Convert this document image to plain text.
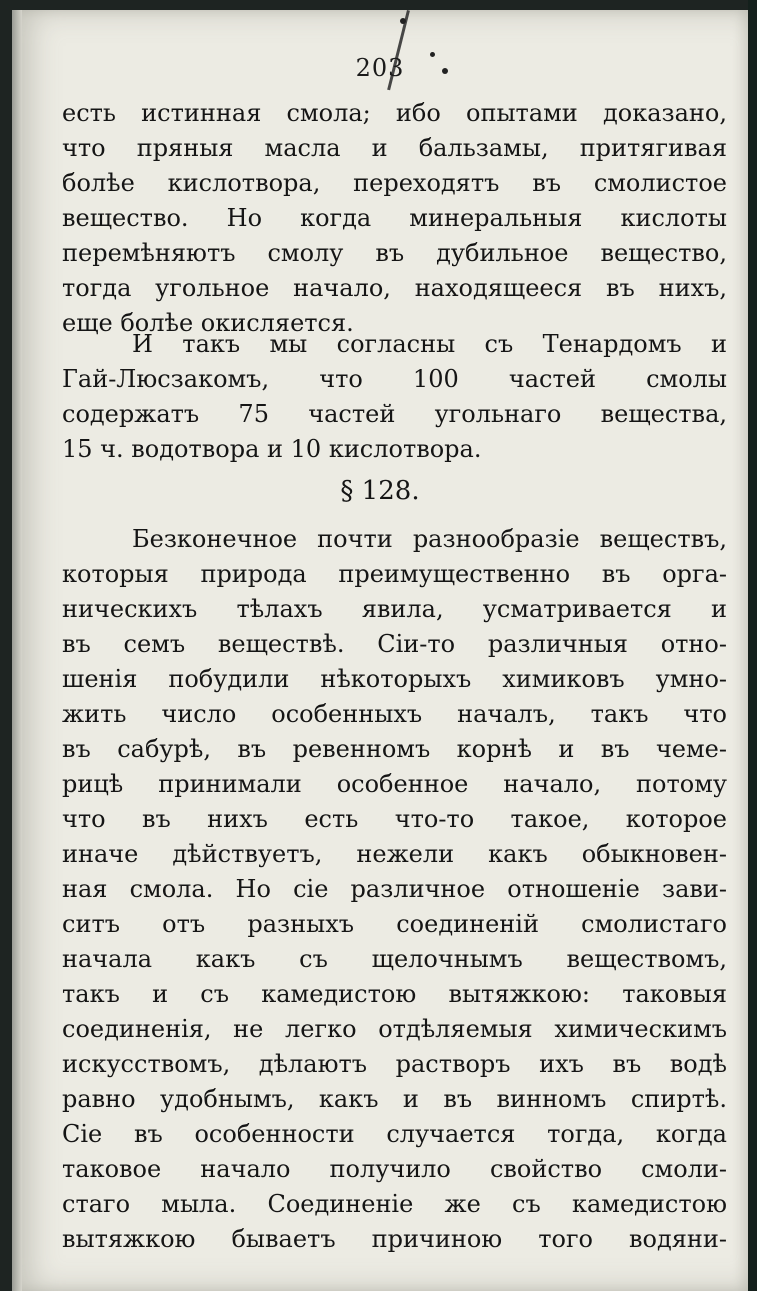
203
есть истинная смола; ибо опытами доказано,
что пряныя масла и бальзамы, притягивая
болѣе кислотвора, переходятъ въ смолистое
вещество. Но когда минеральныя кислоты
перемѣняютъ смолу въ дубильное вещество,
тогда угольное начало, находящееся въ нихъ,
еще болѣе окисляется.
И такъ мы согласны съ Тенардомъ и
Гай-Люсзакомъ, что 100 частей смолы
содержатъ 75 частей угольнаго вещества,
15 ч. водотвора и 10 кислотвора.
§ 128.
Безконечное почти разнообразіе веществъ,
которыя природа преимущественно въ орга-
ническихъ тѣлахъ явила, усматривается и
въ семъ веществѣ. Сіи-то различныя отно-
шенія побудили нѣкоторыхъ химиковъ умно-
жить число особенныхъ началъ, такъ что
въ сабурѣ, въ ревенномъ корнѣ и въ чеме-
рицѣ принимали особенное начало, потому
что въ нихъ есть что-то такое, которое
иначе дѣйствуетъ, нежели какъ обыкновен-
ная смола. Но сіе различное отношеніе зави-
ситъ отъ разныхъ соединеній смолистаго
начала какъ съ щелочнымъ веществомъ,
такъ и съ камедистою вытяжкою: таковыя
соединенія, не легко отдѣляемыя химическимъ
искусствомъ, дѣлаютъ растворъ ихъ въ водѣ
равно удобнымъ, какъ и въ винномъ спиртѣ.
Сіе въ особенности случается тогда, когда
таковое начало получило свойство смоли-
стаго мыла. Соединеніе же съ камедистою
вытяжкою бываетъ причиною того водяни-
